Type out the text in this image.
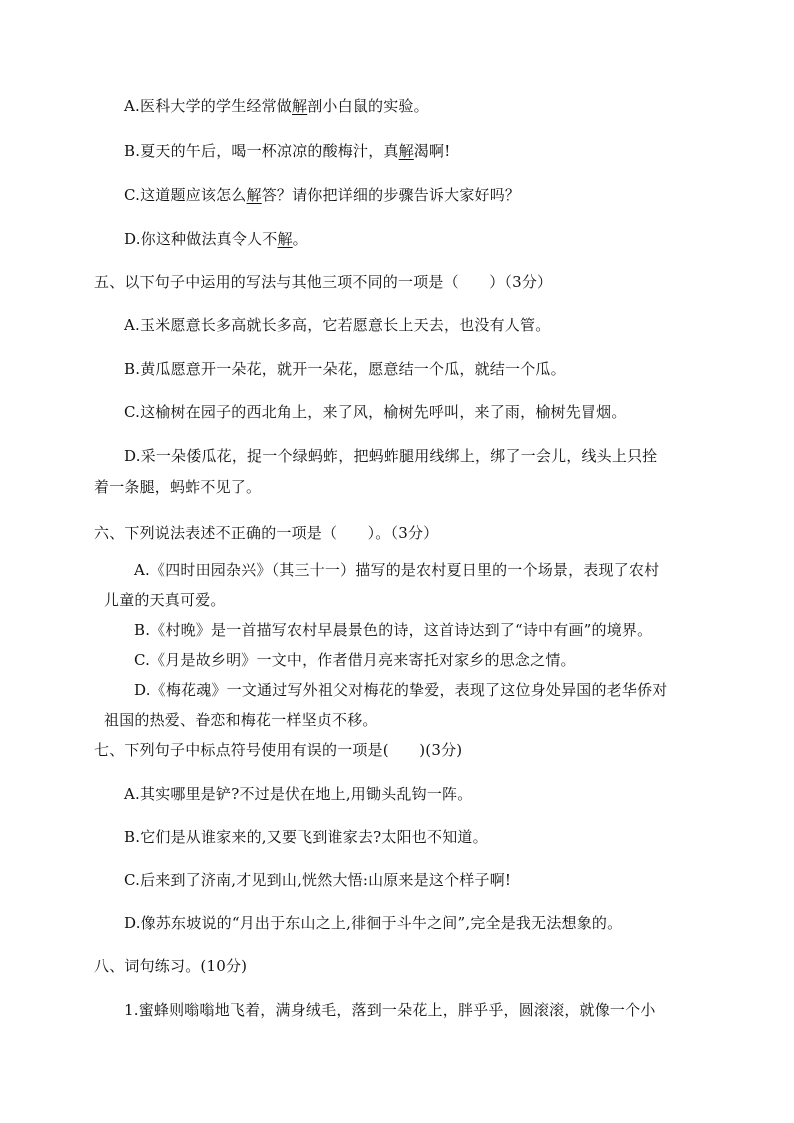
A.医科大学的学生经常做解剖小白鼠的实验。
B.夏天的午后，喝一杯凉凉的酸梅汁，真解渴啊!
C.这道题应该怎么解答？请你把详细的步骤告诉大家好吗？
D.你这种做法真令人不解。
五、以下句子中运用的写法与其他三项不同的一项是（　　）（3分）
A.玉米愿意长多高就长多高，它若愿意长上天去，也没有人管。
B.黄瓜愿意开一朵花，就开一朵花，愿意结一个瓜，就结一个瓜。
C.这榆树在园子的西北角上，来了风，榆树先呼叫，来了雨，榆树先冒烟。
D.采一朵倭瓜花，捉一个绿蚂蚱，把蚂蚱腿用线绑上，绑了一会儿，线头上只拴
着一条腿，蚂蚱不见了。
六、下列说法表述不正确的一项是（　　）。（3分）
A.《四时田园杂兴》（其三十一）描写的是农村夏日里的一个场景，表现了农村
儿童的天真可爱。
B.《村晚》是一首描写农村早晨景色的诗，这首诗达到了“诗中有画”的境界。
C.《月是故乡明》一文中，作者借月亮来寄托对家乡的思念之情。
D.《梅花魂》一文通过写外祖父对梅花的挚爱，表现了这位身处异国的老华侨对
祖国的热爱、眷恋和梅花一样坚贞不移。
七、下列句子中标点符号使用有误的一项是(　　)(3分)
A.其实哪里是铲?不过是伏在地上,用锄头乱钩一阵。
B.它们是从谁家来的,又要飞到谁家去?太阳也不知道。
C.后来到了济南,才见到山,恍然大悟:山原来是这个样子啊!
D.像苏东坡说的“月出于东山之上,徘徊于斗牛之间”,完全是我无法想象的。
八、词句练习。(10分)
1.蜜蜂则嗡嗡地飞着，满身绒毛，落到一朵花上，胖乎乎，圆滚滚，就像一个小
